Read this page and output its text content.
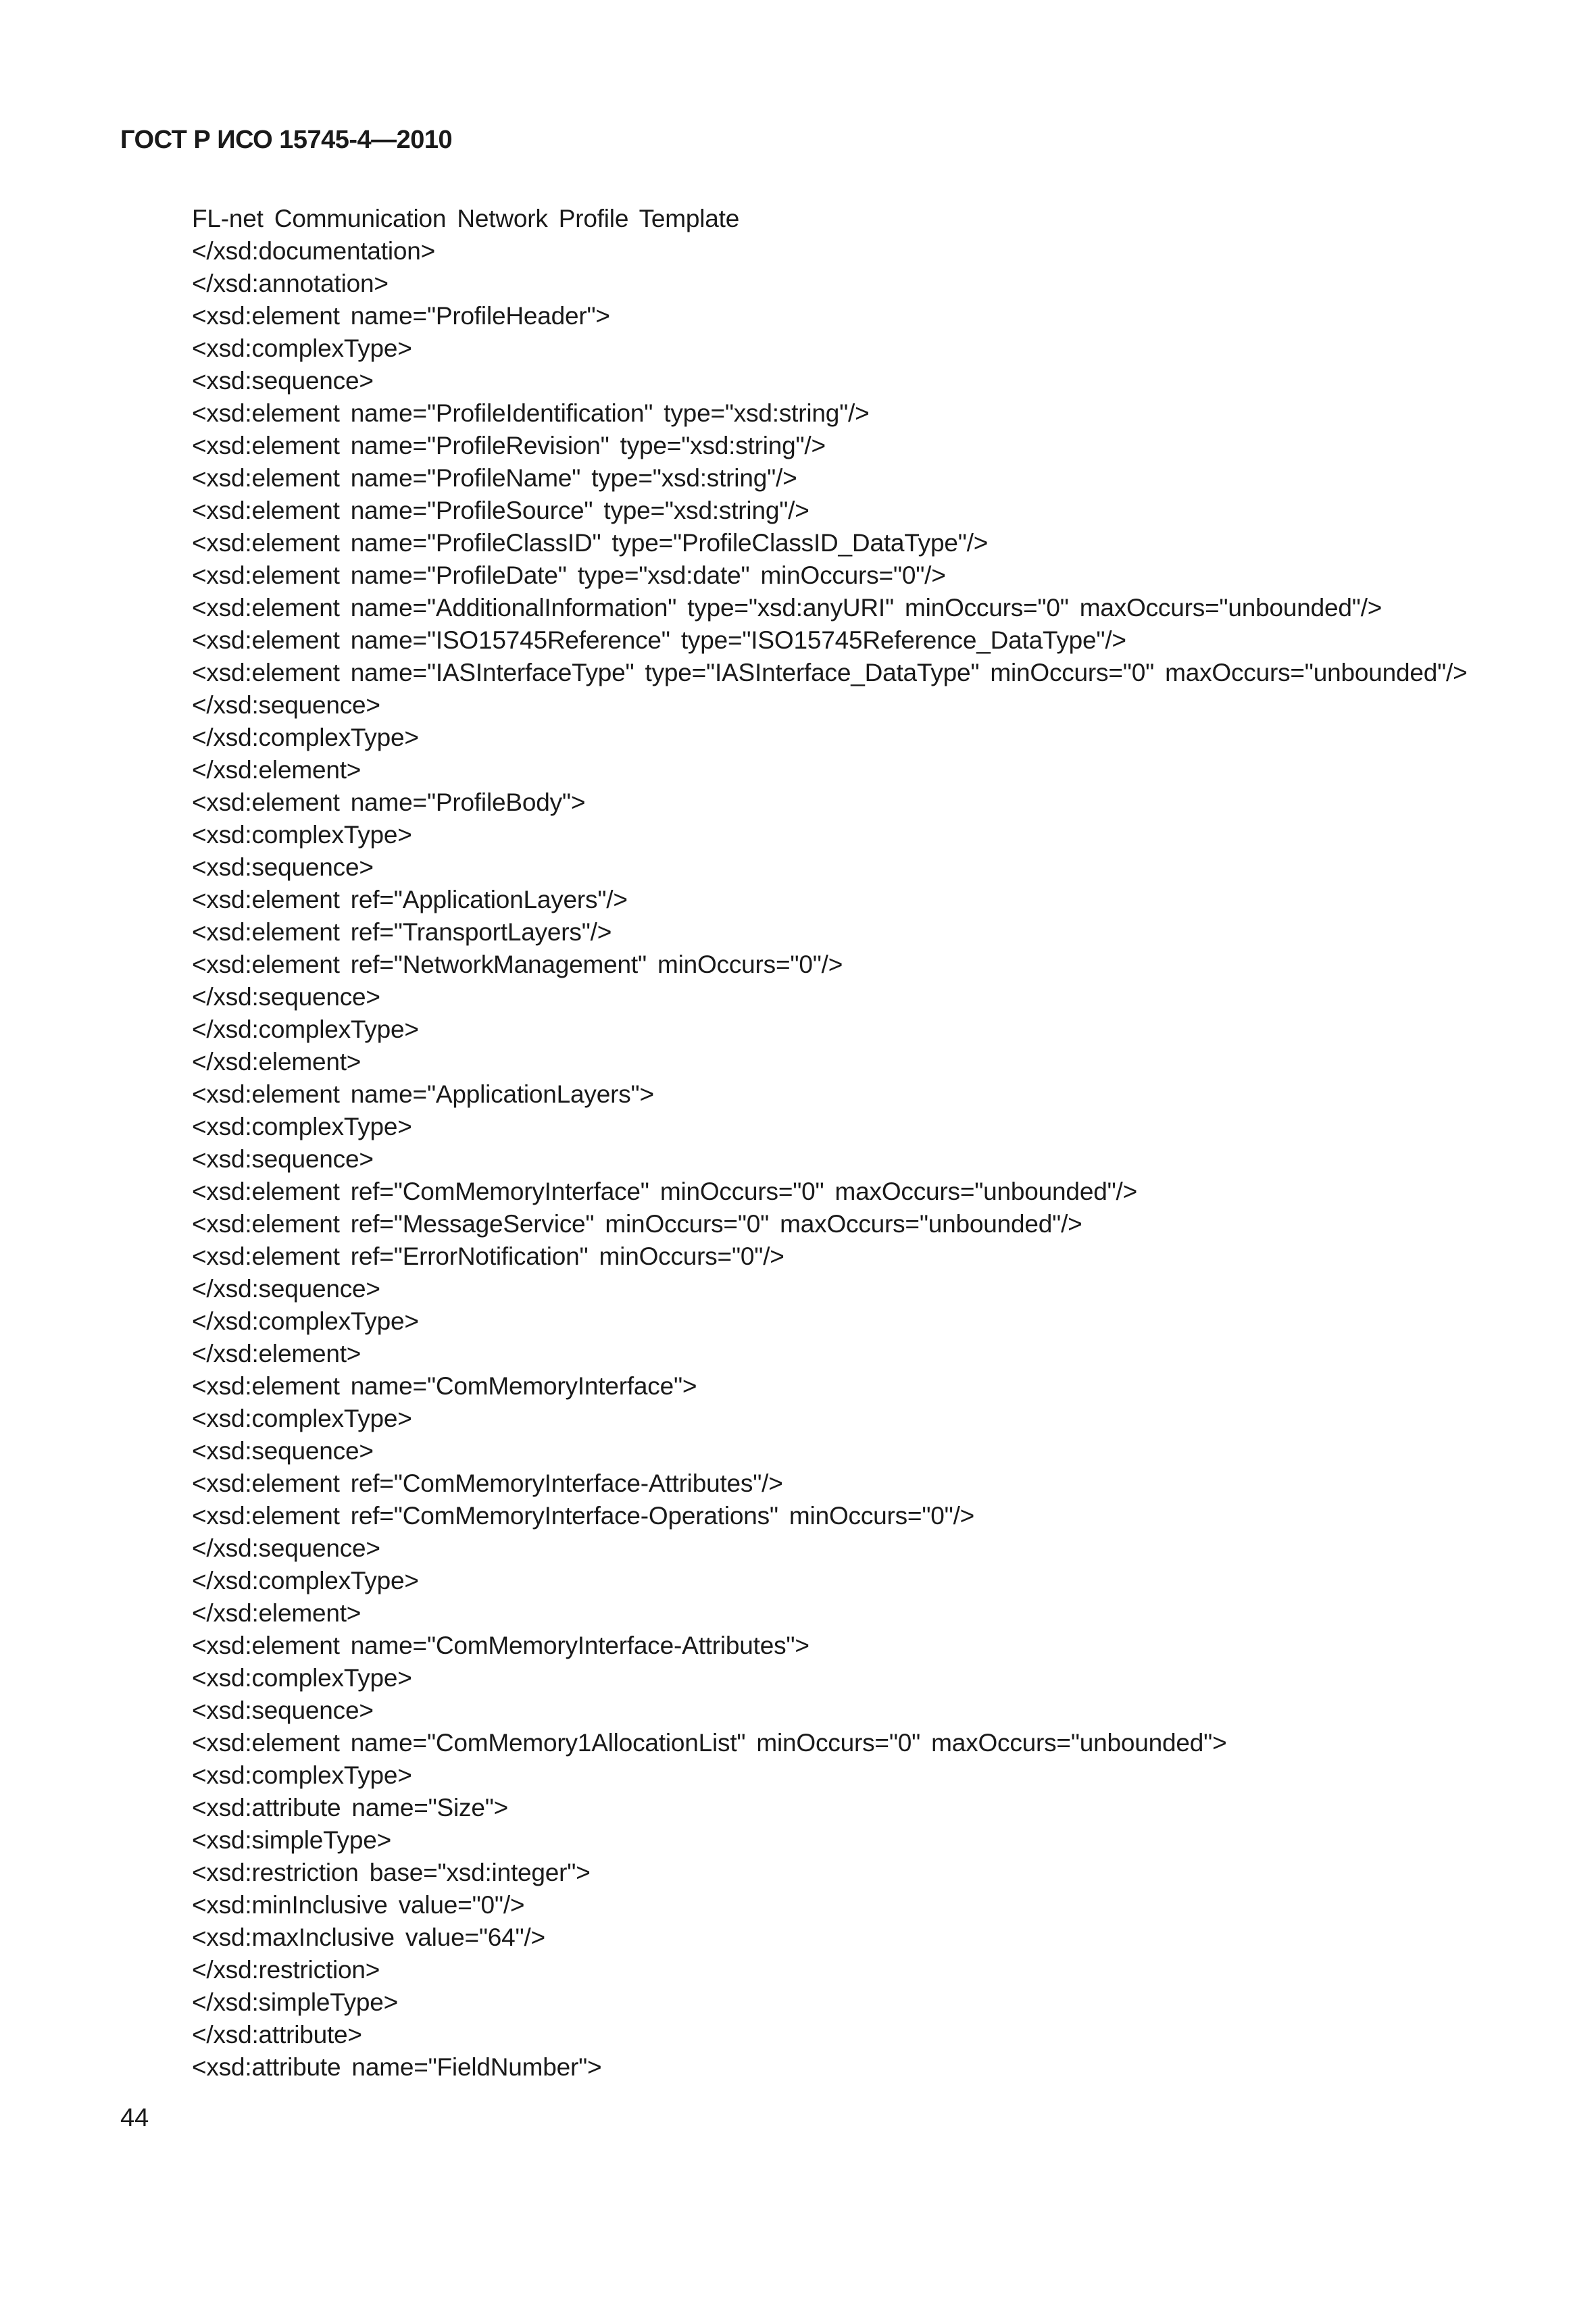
ГОСТ Р ИСО 15745-4—2010
FL-net Communication Network Profile Template
</xsd:documentation>
</xsd:annotation>
<xsd:element name="ProfileHeader">
<xsd:complexType>
<xsd:sequence>
<xsd:element name="ProfileIdentification" type="xsd:string"/>
<xsd:element name="ProfileRevision" type="xsd:string"/>
<xsd:element name="ProfileName" type="xsd:string"/>
<xsd:element name="ProfileSource" type="xsd:string"/>
<xsd:element name="ProfileClassID" type="ProfileClassID_DataType"/>
<xsd:element name="ProfileDate" type="xsd:date" minOccurs="0"/>
<xsd:element name="AdditionalInformation" type="xsd:anyURI" minOccurs="0" maxOccurs="unbounded"/>
<xsd:element name="ISO15745Reference" type="ISO15745Reference_DataType"/>
<xsd:element name="IASInterfaceType" type="IASInterface_DataType" minOccurs="0" maxOccurs="unbounded"/>
</xsd:sequence>
</xsd:complexType>
</xsd:element>
<xsd:element name="ProfileBody">
<xsd:complexType>
<xsd:sequence>
<xsd:element ref="ApplicationLayers"/>
<xsd:element ref="TransportLayers"/>
<xsd:element ref="NetworkManagement" minOccurs="0"/>
</xsd:sequence>
</xsd:complexType>
</xsd:element>
<xsd:element name="ApplicationLayers">
<xsd:complexType>
<xsd:sequence>
<xsd:element ref="ComMemoryInterface" minOccurs="0" maxOccurs="unbounded"/>
<xsd:element ref="MessageService" minOccurs="0" maxOccurs="unbounded"/>
<xsd:element ref="ErrorNotification" minOccurs="0"/>
</xsd:sequence>
</xsd:complexType>
</xsd:element>
<xsd:element name="ComMemoryInterface">
<xsd:complexType>
<xsd:sequence>
<xsd:element ref="ComMemoryInterface-Attributes"/>
<xsd:element ref="ComMemoryInterface-Operations" minOccurs="0"/>
</xsd:sequence>
</xsd:complexType>
</xsd:element>
<xsd:element name="ComMemoryInterface-Attributes">
<xsd:complexType>
<xsd:sequence>
<xsd:element name="ComMemory1AllocationList" minOccurs="0" maxOccurs="unbounded">
<xsd:complexType>
<xsd:attribute name="Size">
<xsd:simpleType>
<xsd:restriction base="xsd:integer">
<xsd:minInclusive value="0"/>
<xsd:maxInclusive value="64"/>
</xsd:restriction>
</xsd:simpleType>
</xsd:attribute>
<xsd:attribute name="FieldNumber">
44
